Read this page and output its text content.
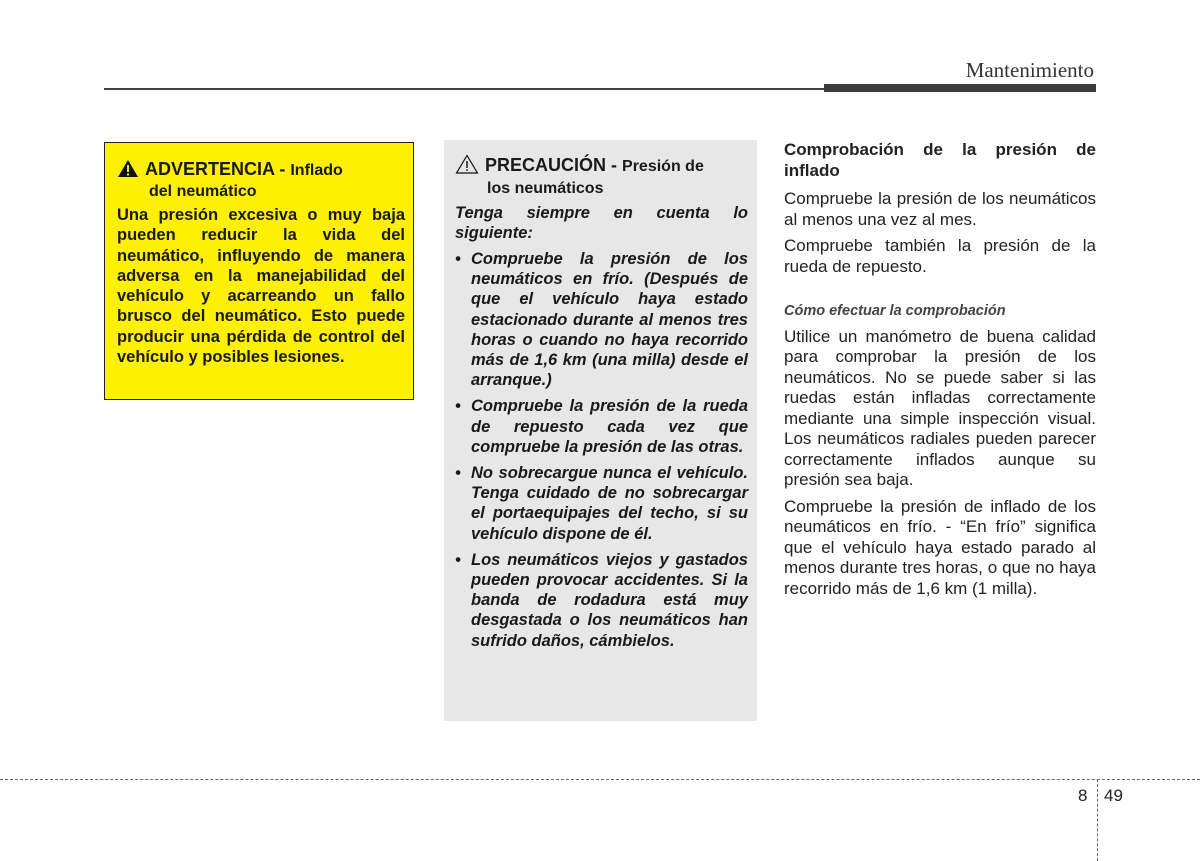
Mantenimiento
ADVERTENCIA - Inflado
del neumático
Una presión excesiva o muy baja pueden reducir la vida del neumático, influyendo de manera adversa en la manejabilidad del vehículo y acarreando un fallo brusco del neumático. Esto puede producir una pérdida de control del vehículo y posibles lesiones.
PRECAUCIÓN - Presión de
los neumáticos
Tenga siempre en cuenta lo siguiente:
• Compruebe la presión de los neumáticos en frío. (Después de que el vehículo haya estado estacionado durante al menos tres horas o cuando no haya recorrido más de 1,6 km (una milla) desde el arranque.)
• Compruebe la presión de la rueda de repuesto cada vez que compruebe la presión de las otras.
• No sobrecargue nunca el vehículo. Tenga cuidado de no sobrecargar el portaequipajes del techo, si su vehículo dispone de él.
• Los neumáticos viejos y gastados pueden provocar accidentes. Si la banda de rodadura está muy desgastada o los neumáticos han sufrido daños, cámbielos.

Comprobación de la presión de inflado

Compruebe la presión de los neumáticos al menos una vez al mes.

Compruebe también la presión de la rueda de repuesto.

Cómo efectuar la comprobación

Utilice un manómetro de buena calidad para comprobar la presión de los neumáticos. No se puede saber si las ruedas están infladas correctamente mediante una simple inspección visual. Los neumáticos radiales pueden parecer correctamente inflados aunque su presión sea baja.

Compruebe la presión de inflado de los neumáticos en frío. - “En frío” significa que el vehículo haya estado parado al menos durante tres horas, o que no haya recorrido más de 1,6 km (1 milla).

8 49
